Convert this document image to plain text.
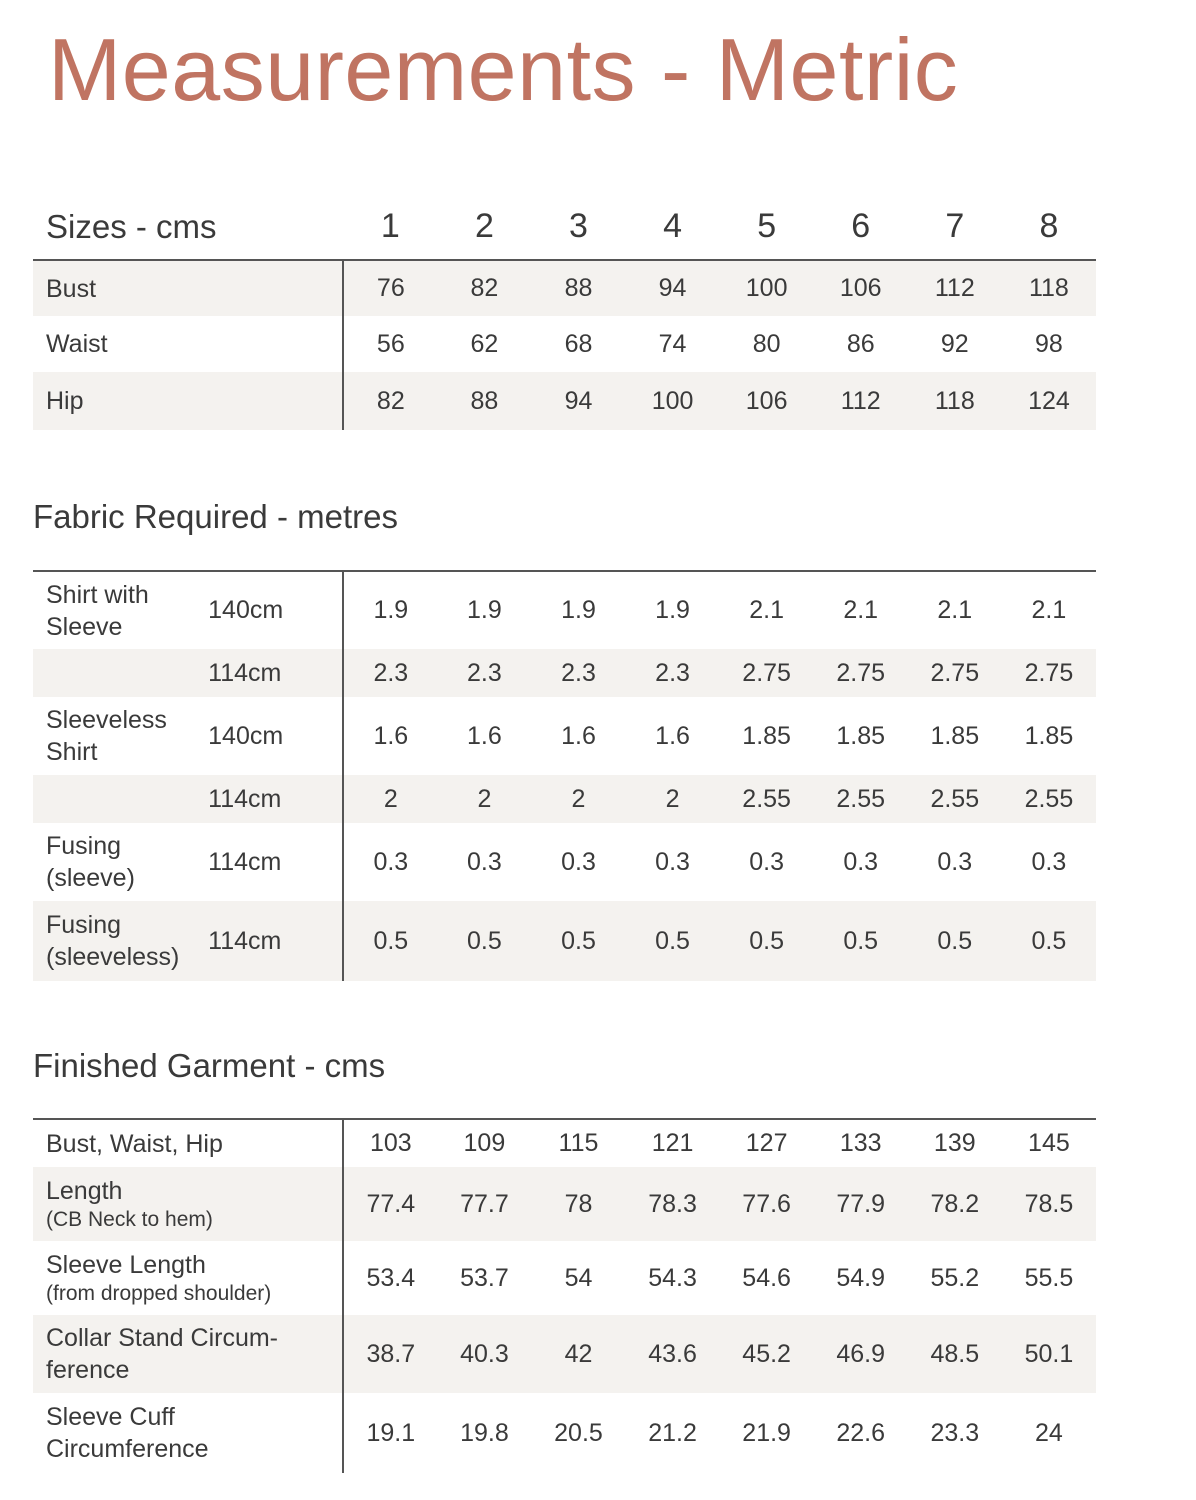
Measurements - Metric
Sizes - cms	1	2	3	4	5	6	7	8
Bust	76	82	88	94	100	106	112	118
Waist	56	62	68	74	80	86	92	98
Hip	82	88	94	100	106	112	118	124
Fabric Required - metres
Shirt with Sleeve	140cm	1.9	1.9	1.9	1.9	2.1	2.1	2.1	2.1
	114cm	2.3	2.3	2.3	2.3	2.75	2.75	2.75	2.75
Sleeveless Shirt	140cm	1.6	1.6	1.6	1.6	1.85	1.85	1.85	1.85
	114cm	2	2	2	2	2.55	2.55	2.55	2.55
Fusing (sleeve)	114cm	0.3	0.3	0.3	0.3	0.3	0.3	0.3	0.3
Fusing (sleeveless)	114cm	0.5	0.5	0.5	0.5	0.5	0.5	0.5	0.5
Finished Garment - cms
Bust, Waist, Hip	103	109	115	121	127	133	139	145

Length
(CB Neck to hem)	77.4	77.7	78	78.3	77.6	77.9	78.2	78.5

Sleeve Length
(from dropped shoulder)	53.4	53.7	54	54.3	54.6	54.9	55.2	55.5

Collar Stand Circum-ference	38.7	40.3	42	43.6	45.2	46.9	48.5	50.1

Sleeve Cuff Circumference	19.1	19.8	20.5	21.2	21.9	22.6	23.3	24
